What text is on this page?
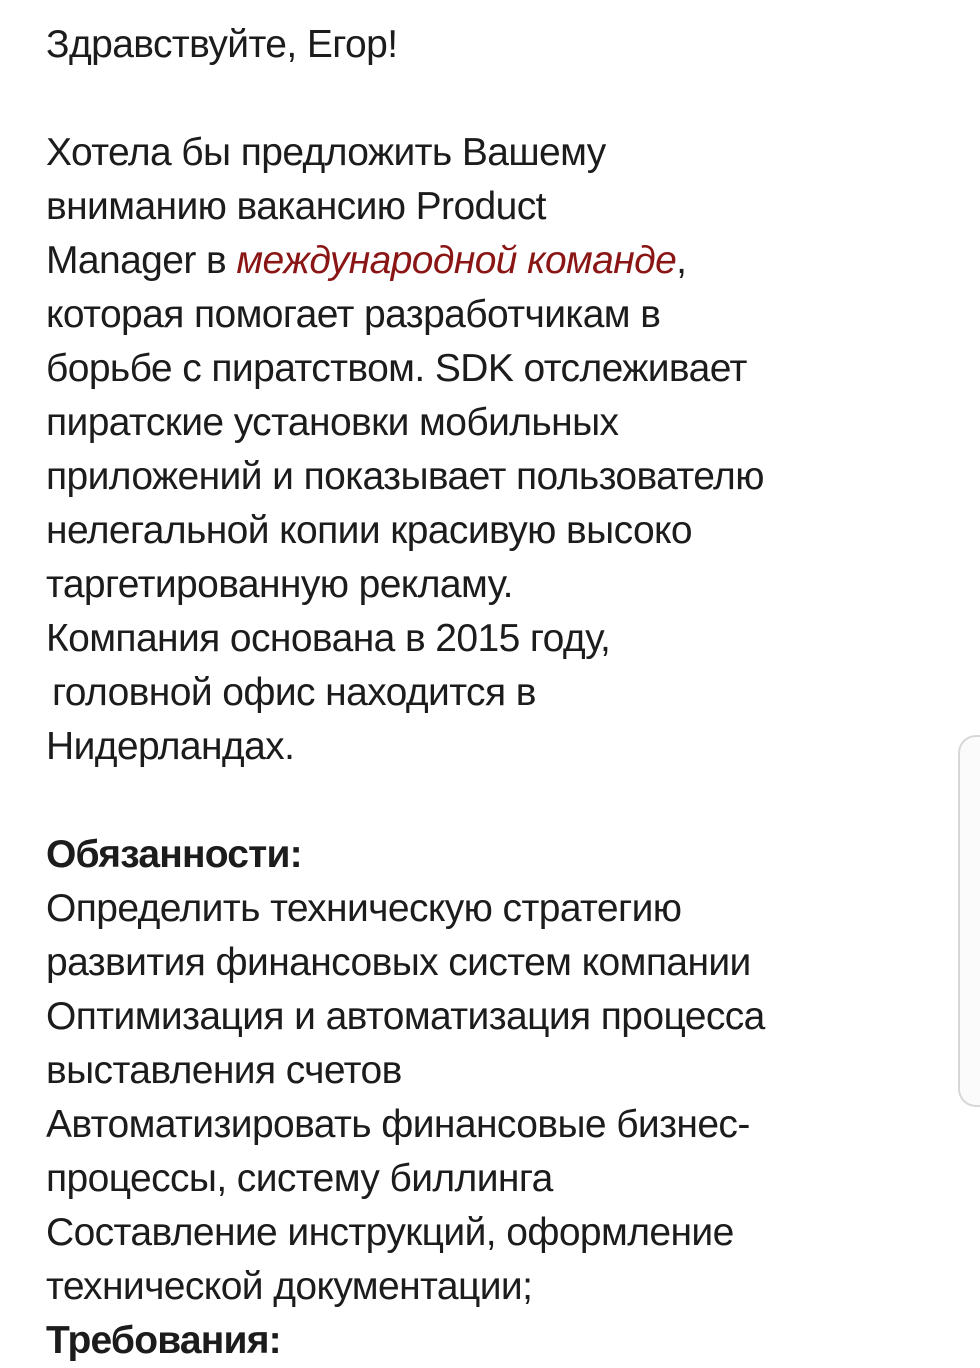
Здравствуйте, Егор!
Хотела бы предложить Вашему
вниманию вакансию Product
Manager в международной команде,
которая помогает разработчикам в
борьбе с пиратством. SDK отслеживает
пиратские установки мобильных
приложений и показывает пользователю
нелегальной копии красивую высоко
таргетированную рекламу.
Компания основана в 2015 году,
головной офис находится в
Нидерландах.
Обязанности:
Определить техническую стратегию
развития финансовых систем компании
Оптимизация и автоматизация процесса
выставления счетов
Автоматизировать финансовые бизнес-
процессы, систему биллинга
Составление инструкций, оформление
технической документации;
Требования:
